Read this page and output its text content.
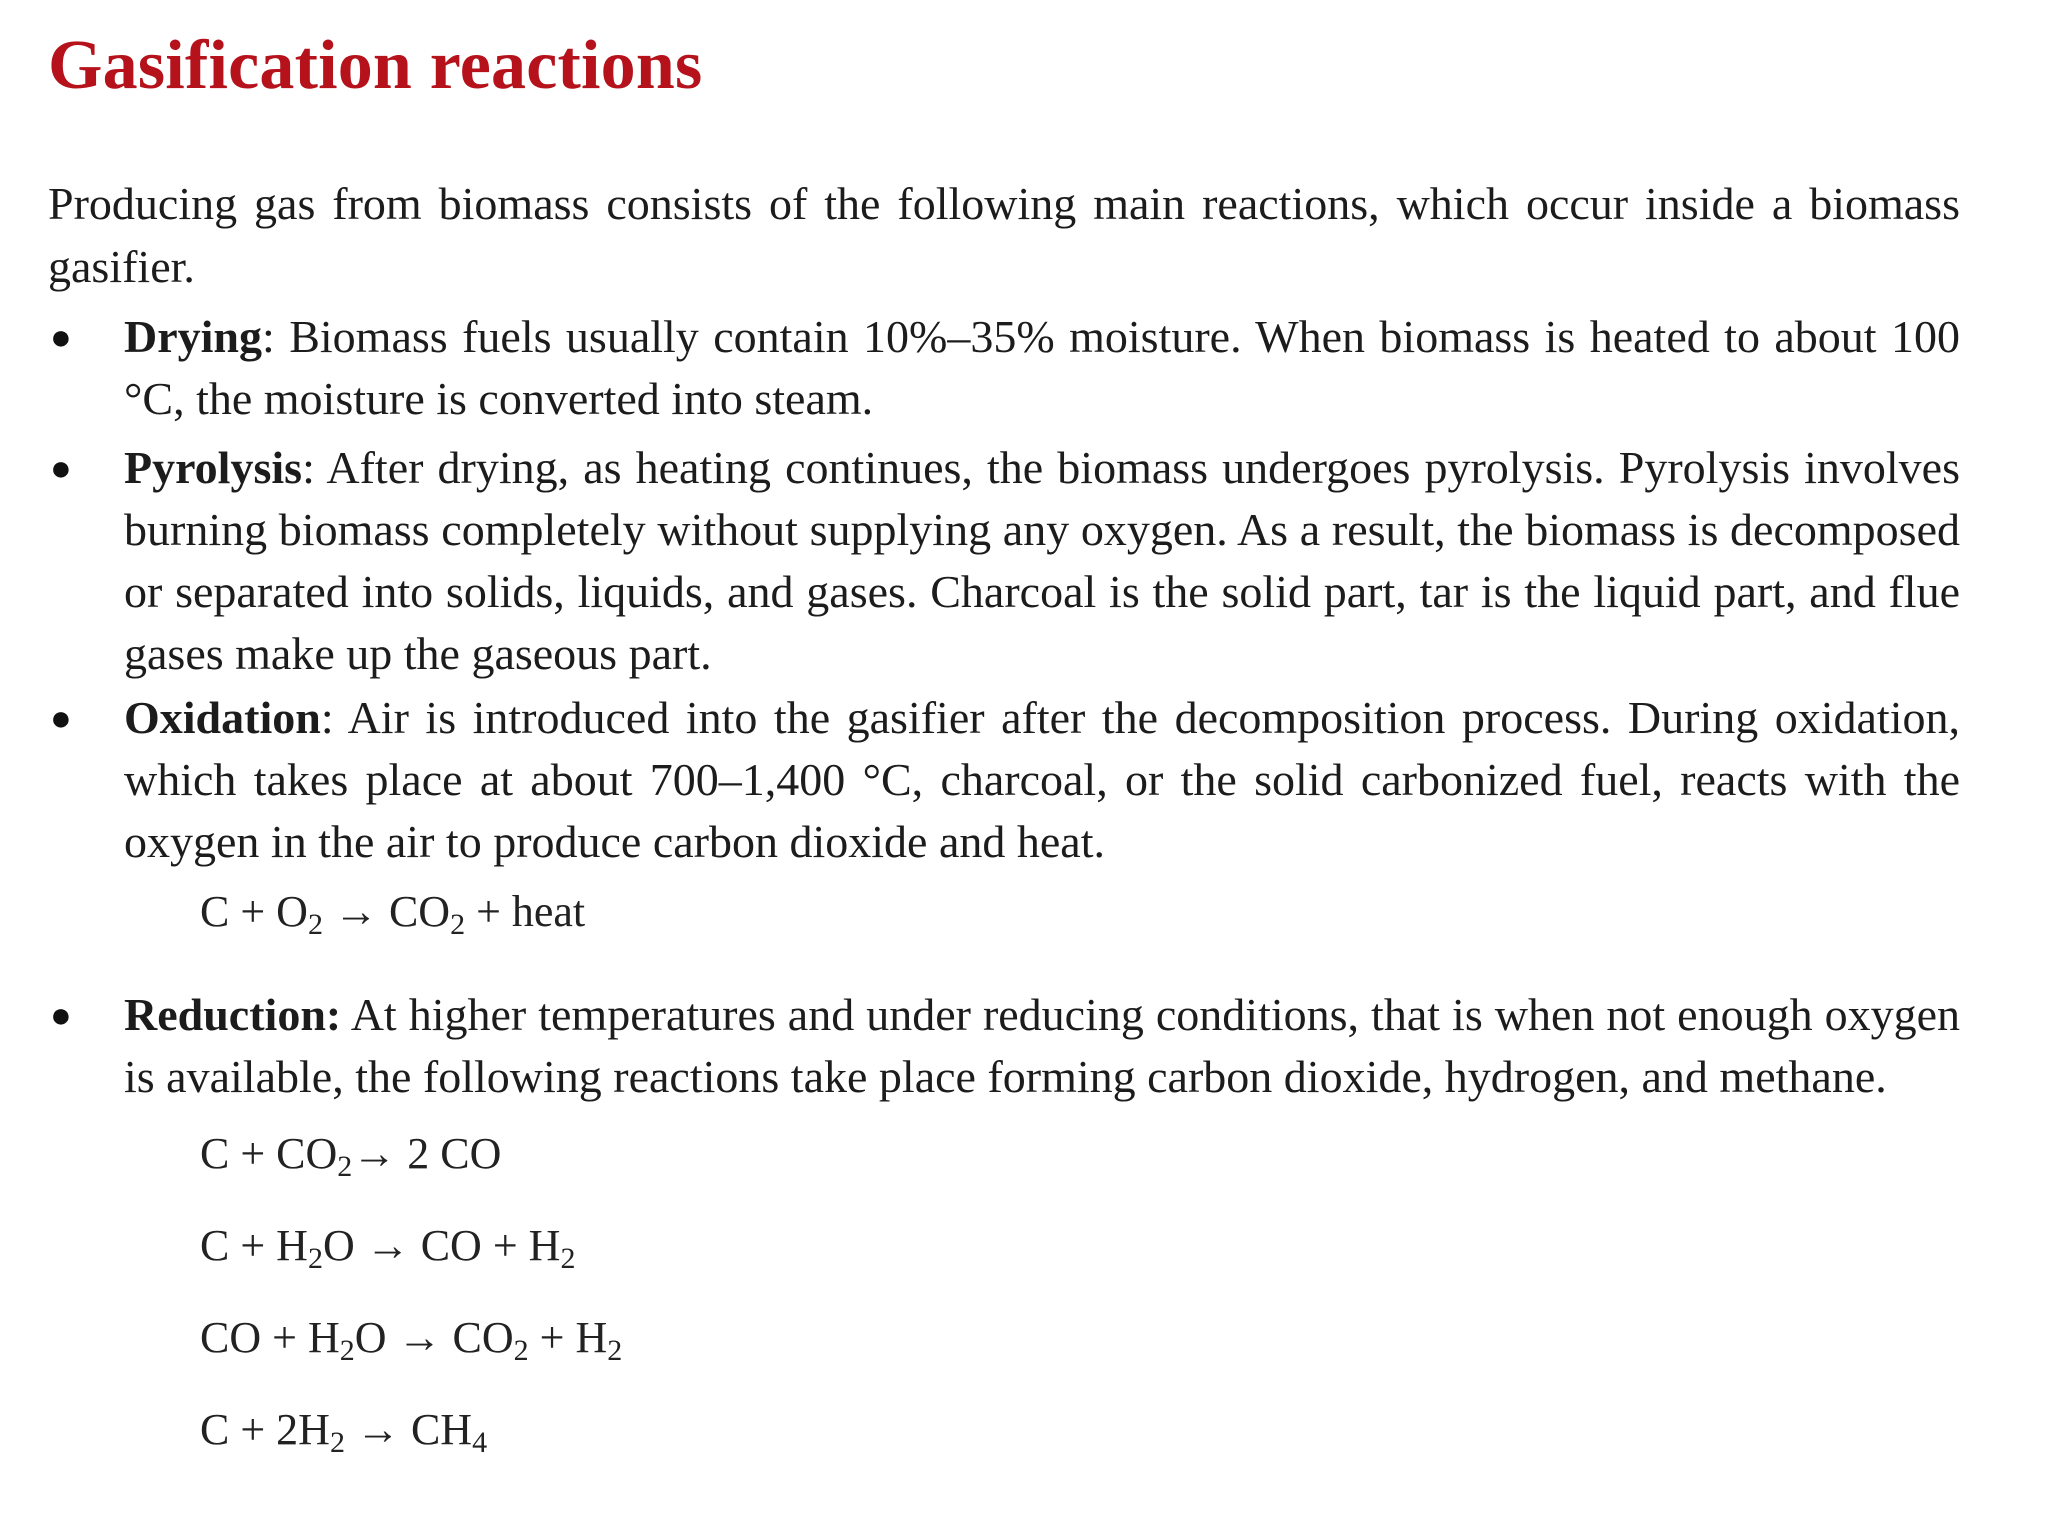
Gasification reactions

Producing gas from biomass consists of the following main reactions, which occur inside a biomass gasifier.

● Drying: Biomass fuels usually contain 10%–35% moisture. When biomass is heated to about 100 °C, the moisture is converted into steam.

● Pyrolysis: After drying, as heating continues, the biomass undergoes pyrolysis. Pyrolysis involves burning biomass completely without supplying any oxygen. As a result, the biomass is decomposed or separated into solids, liquids, and gases. Charcoal is the solid part, tar is the liquid part, and flue gases make up the gaseous part.

● Oxidation: Air is introduced into the gasifier after the decomposition process. During oxidation, which takes place at about 700–1,400 °C, charcoal, or the solid carbonized fuel, reacts with the oxygen in the air to produce carbon dioxide and heat.

$C + O_2 \to CO_2$ + heat
● Reduction: At higher temperatures and under reducing conditions, that is when not enough oxygen is available, the following reactions take place forming carbon dioxide, hydrogen, and methane.

$C + CO_2\to 2$ CO
$C + H_2O$ → CO + $H_2$
CO + $H_2O \to CO_2 + H_2$
$C + 2H_2 \to CH_4$
